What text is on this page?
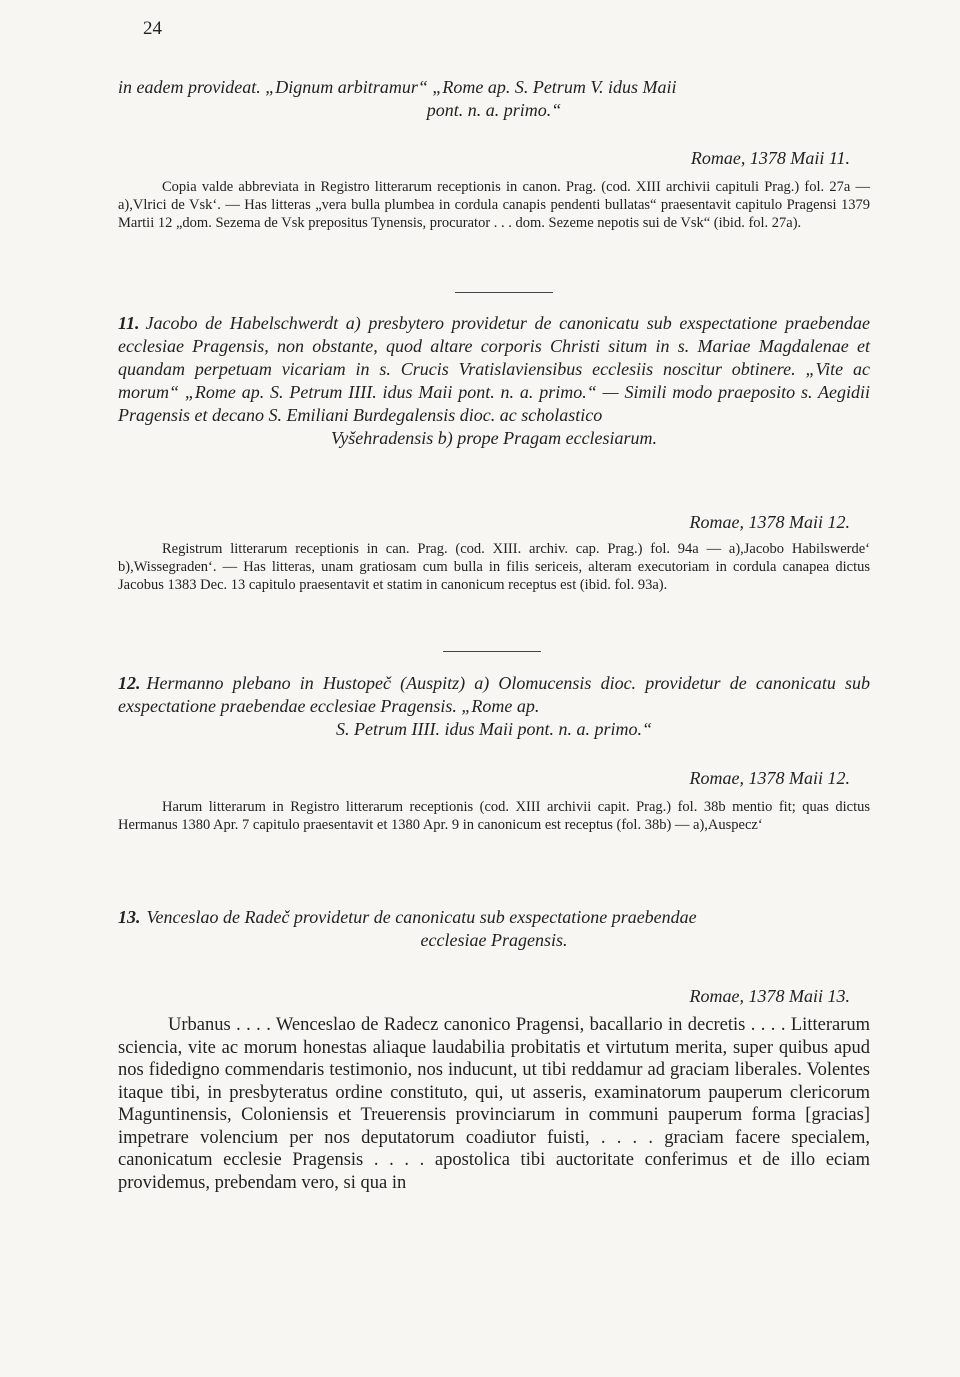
24

in eadem provideat. „Dignum arbitramur“ „Rome ap. S. Petrum V. idus Maii

pont. n. a. primo.“

Romae, 1378 Maii 11.

Copia valde abbreviata in Registro litterarum receptionis in canon. Prag. (cod. XIII archivii capituli Prag.) fol. 27a — a),Vlrici de Vsk‘. — Has litteras „vera bulla plumbea in cordula canapis pendenti bullatas“ praesentavit capitulo Pragensi 1379 Martii 12 „dom. Sezema de Vsk prepositus Tynensis, procurator . . . dom. Sezeme nepotis sui de Vsk“ (ibid. fol. 27a).

11. Jacobo de Habelschwerdt a) presbytero providetur de canonicatu sub exspectatione praebendae ecclesiae Pragensis, non obstante, quod altare corporis Christi situm in s. Mariae Magdalenae et quandam perpetuam vicariam in s. Crucis Vratislaviensibus ecclesiis noscitur obtinere. „Vite ac morum“ „Rome ap. S. Petrum IIII. idus Maii pont. n. a. primo.“ — Simili modo praeposito s. Aegidii Pragensis et decano S. Emiliani Burdegalensis dioc. ac scholastico

Vyšehradensis b) prope Pragam ecclesiarum.

Romae, 1378 Maii 12.

Registrum litterarum receptionis in can. Prag. (cod. XIII. archiv. cap. Prag.) fol. 94a — a),Jacobo Habilswerde‘ b),Wissegraden‘. — Has litteras, unam gratiosam cum bulla in filis sericeis, alteram executoriam in cordula canapea dictus Jacobus 1383 Dec. 13 capitulo praesentavit et statim in canonicum receptus est (ibid. fol. 93a).

12. Hermanno plebano in Hustopeč (Auspitz) a) Olomucensis dioc. providetur de canonicatu sub exspectatione praebendae ecclesiae Pragensis. „Rome ap.

S. Petrum IIII. idus Maii pont. n. a. primo.“

Romae, 1378 Maii 12.

Harum litterarum in Registro litterarum receptionis (cod. XIII archivii capit. Prag.) fol. 38b mentio fit; quas dictus Hermanus 1380 Apr. 7 capitulo praesentavit et 1380 Apr. 9 in canonicum est receptus (fol. 38b) — a),Auspecz‘

13. Venceslao de Radeč providetur de canonicatu sub exspectatione praebendae

ecclesiae Pragensis.

Romae, 1378 Maii 13.

Urbanus . . . . Wenceslao de Radecz canonico Pragensi, bacallario in decretis . . . . Litterarum sciencia, vite ac morum honestas aliaque laudabilia probitatis et virtutum merita, super quibus apud nos fidedigno commendaris testimonio, nos inducunt, ut tibi reddamur ad graciam liberales. Volentes itaque tibi, in presbyteratus ordine constituto, qui, ut asseris, examinatorum pauperum clericorum Maguntinensis, Coloniensis et Treuerensis provinciarum in communi pauperum forma [gracias] impetrare volencium per nos deputatorum coadiutor fuisti, . . . . graciam facere specialem, canonicatum ecclesie Pragensis . . . . apostolica tibi auctoritate conferimus et de illo eciam providemus, prebendam vero, si qua in
